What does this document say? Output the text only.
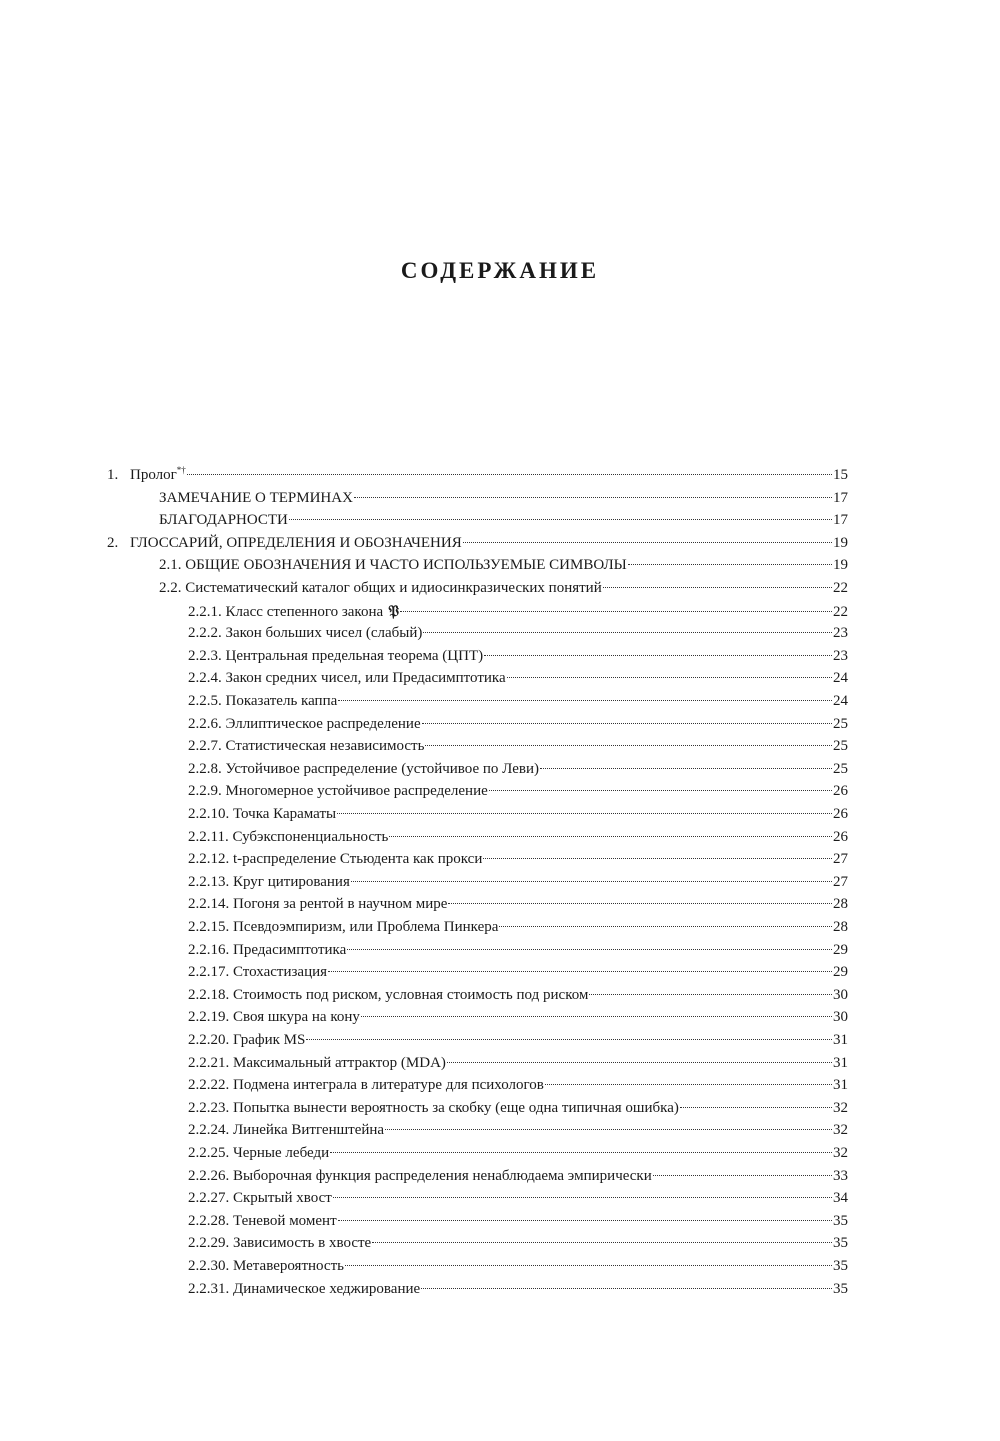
СОДЕРЖАНИЕ
1. Пролог*†	15
ЗАМЕЧАНИЕ О ТЕРМИНАХ	17
БЛАГОДАРНОСТИ	17
2. ГЛОССАРИЙ, ОПРЕДЕЛЕНИЯ И ОБОЗНАЧЕНИЯ	19
2.1. ОБЩИЕ ОБОЗНАЧЕНИЯ И ЧАСТО ИСПОЛЬЗУЕМЫЕ СИМВОЛЫ	19
2.2. Систематический каталог общих и идиосинкразических понятий	22
2.2.1. Класс степенного закона 𝔓	22
2.2.2. Закон больших чисел (слабый)	23
2.2.3. Центральная предельная теорема (ЦПТ)	23
2.2.4. Закон средних чисел, или Предасимптотика	24
2.2.5. Показатель каппа	24
2.2.6. Эллиптическое распределение	25
2.2.7. Статистическая независимость	25
2.2.8. Устойчивое распределение (устойчивое по Леви)	25
2.2.9. Многомерное устойчивое распределение	26
2.2.10. Точка Караматы	26
2.2.11. Субэкспоненциальность	26
2.2.12. t-распределение Стьюдента как прокси	27
2.2.13. Круг цитирования	27
2.2.14. Погоня за рентой в научном мире	28
2.2.15. Псевдоэмпиризм, или Проблема Пинкера	28
2.2.16. Предасимптотика	29
2.2.17. Стохастизация	29
2.2.18. Стоимость под риском, условная стоимость под риском	30
2.2.19. Своя шкура на кону	30
2.2.20. График MS	31
2.2.21. Максимальный аттрактор (MDA)	31
2.2.22. Подмена интеграла в литературе для психологов	31
2.2.23. Попытка вынести вероятность за скобку (еще одна типичная ошибка)	32
2.2.24. Линейка Витгенштейна	32
2.2.25. Черные лебеди	32
2.2.26. Выборочная функция распределения ненаблюдаема эмпирически	33
2.2.27. Скрытый хвост	34
2.2.28. Теневой момент	35
2.2.29. Зависимость в хвосте	35
2.2.30. Метавероятность	35
2.2.31. Динамическое хеджирование	35
